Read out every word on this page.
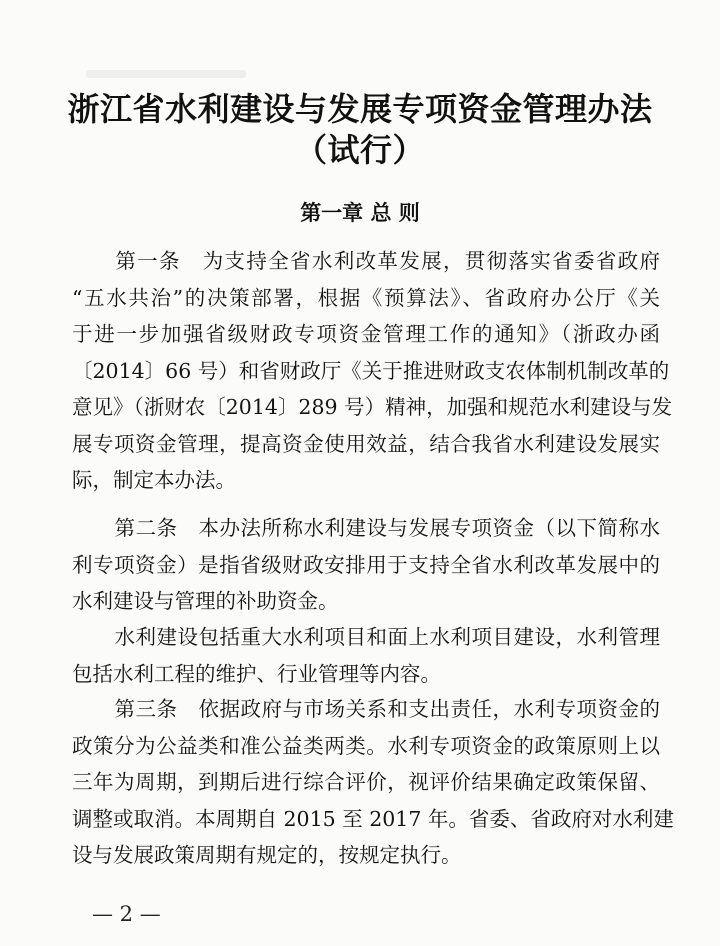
浙江省水利建设与发展专项资金管理办法
（试行）
第一章 总 则
第一条　为支持全省水利改革发展，贯彻落实省委省政府
“五水共治”的决策部署，根据《预算法》、省政府办公厅《关
于进一步加强省级财政专项资金管理工作的通知》（浙政办函
〔2014〕66 号）和省财政厅《关于推进财政支农体制机制改革的
意见》（浙财农〔2014〕289 号）精神，加强和规范水利建设与发
展专项资金管理，提高资金使用效益，结合我省水利建设发展实
际，制定本办法。
第二条　本办法所称水利建设与发展专项资金（以下简称水
利专项资金）是指省级财政安排用于支持全省水利改革发展中的
水利建设与管理的补助资金。
水利建设包括重大水利项目和面上水利项目建设，水利管理
包括水利工程的维护、行业管理等内容。
第三条　依据政府与市场关系和支出责任，水利专项资金的
政策分为公益类和准公益类两类。水利专项资金的政策原则上以
三年为周期，到期后进行综合评价，视评价结果确定政策保留、
调整或取消。本周期自 2015 至 2017 年。省委、省政府对水利建
设与发展政策周期有规定的，按规定执行。
— 2 —
